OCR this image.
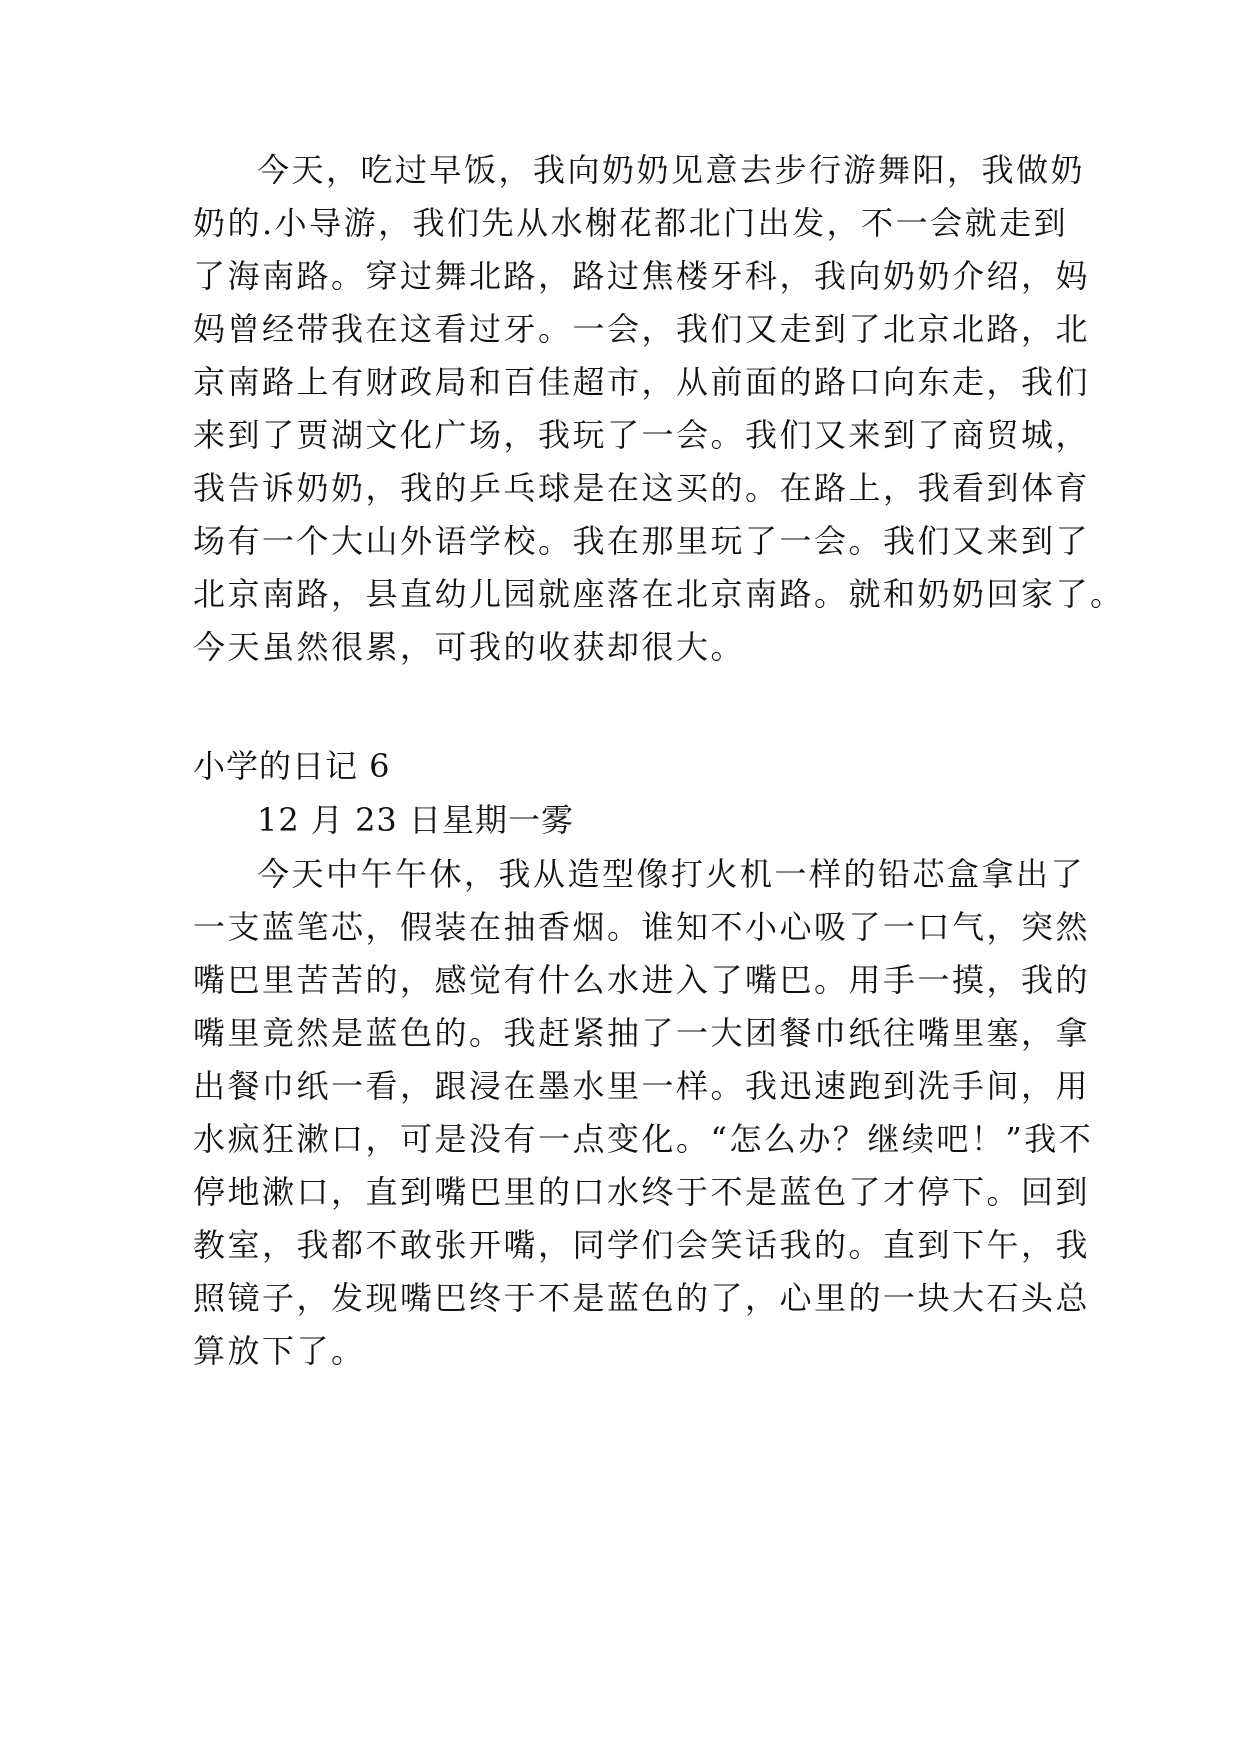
今天，吃过早饭，我向奶奶见意去步行游舞阳，我做奶
奶的.小导游，我们先从水榭花都北门出发，不一会就走到
了海南路。穿过舞北路，路过焦楼牙科，我向奶奶介绍，妈
妈曾经带我在这看过牙。一会，我们又走到了北京北路，北
京南路上有财政局和百佳超市，从前面的路口向东走，我们
来到了贾湖文化广场，我玩了一会。我们又来到了商贸城，
我告诉奶奶，我的乒乓球是在这买的。在路上，我看到体育
场有一个大山外语学校。我在那里玩了一会。我们又来到了
北京南路，县直幼儿园就座落在北京南路。就和奶奶回家了。
今天虽然很累，可我的收获却很大。
小学的日记 6
12 月 23 日星期一雾
今天中午午休，我从造型像打火机一样的铅芯盒拿出了
一支蓝笔芯，假装在抽香烟。谁知不小心吸了一口气，突然
嘴巴里苦苦的，感觉有什么水进入了嘴巴。用手一摸，我的
嘴里竟然是蓝色的。我赶紧抽了一大团餐巾纸往嘴里塞，拿
出餐巾纸一看，跟浸在墨水里一样。我迅速跑到洗手间，用
水疯狂漱口，可是没有一点变化。“怎么办？继续吧！”我不
停地漱口，直到嘴巴里的口水终于不是蓝色了才停下。回到
教室，我都不敢张开嘴，同学们会笑话我的。直到下午，我
照镜子，发现嘴巴终于不是蓝色的了，心里的一块大石头总
算放下了。
